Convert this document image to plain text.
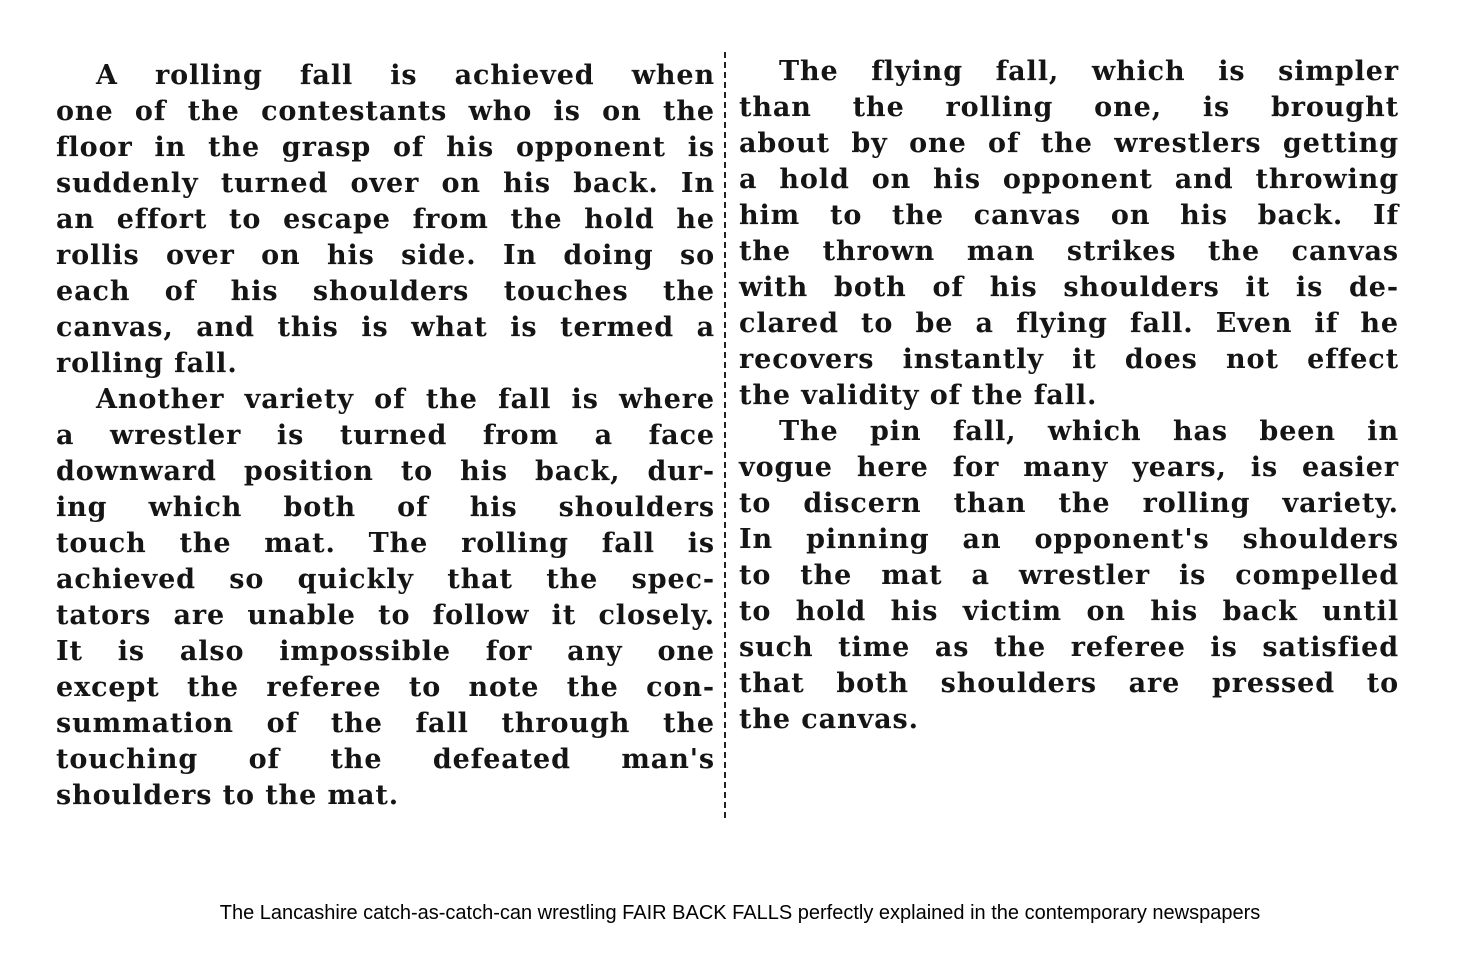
A rolling fall is achieved when
one of the contestants who is on the
floor in the grasp of his opponent is
suddenly turned over on his back. In
an effort to escape from the hold he
rollis over on his side. In doing so
each of his shoulders touches the
canvas, and this is what is termed a
rolling fall.
Another variety of the fall is where
a wrestler is turned from a face
downward position to his back, dur-
ing which both of his shoulders
touch the mat. The rolling fall is
achieved so quickly that the spec-
tators are unable to follow it closely.
It is also impossible for any one
except the referee to note the con-
summation of the fall through the
touching of the defeated man's
shoulders to the mat.
The flying fall, which is simpler
than the rolling one, is brought
about by one of the wrestlers getting
a hold on his opponent and throwing
him to the canvas on his back. If
the thrown man strikes the canvas
with both of his shoulders it is de-
clared to be a flying fall. Even if he
recovers instantly it does not effect
the validity of the fall.
The pin fall, which has been in
vogue here for many years, is easier
to discern than the rolling variety.
In pinning an opponent's shoulders
to the mat a wrestler is compelled
to hold his victim on his back until
such time as the referee is satisfied
that both shoulders are pressed to
the canvas.
The Lancashire catch-as-catch-can wrestling FAIR BACK FALLS perfectly explained in the contemporary newspapers
